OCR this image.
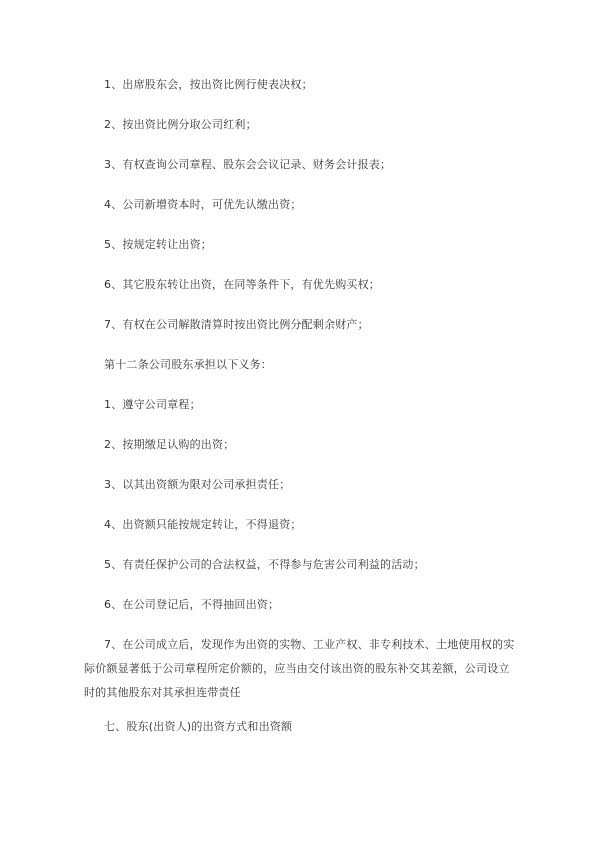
1、出席股东会，按出资比例行使表决权；
2、按出资比例分取公司红利；
3、有权查询公司章程、股东会会议记录、财务会计报表；
4、公司新增资本时，可优先认缴出资；
5、按规定转让出资；
6、其它股东转让出资，在同等条件下，有优先购买权；
7、有权在公司解散清算时按出资比例分配剩余财产；
第十二条公司股东承担以下义务：
1、遵守公司章程；
2、按期缴足认购的出资；
3、以其出资额为限对公司承担责任；
4、出资额只能按规定转让，不得退资；
5、有责任保护公司的合法权益，不得参与危害公司利益的活动；
6、在公司登记后，不得抽回出资；
7、在公司成立后，发现作为出资的实物、工业产权、非专利技术、土地使用权的实际价额显著低于公司章程所定价额的，应当由交付该出资的股东补交其差额，公司设立时的其他股东对其承担连带责任
七、股东(出资人)的出资方式和出资额
